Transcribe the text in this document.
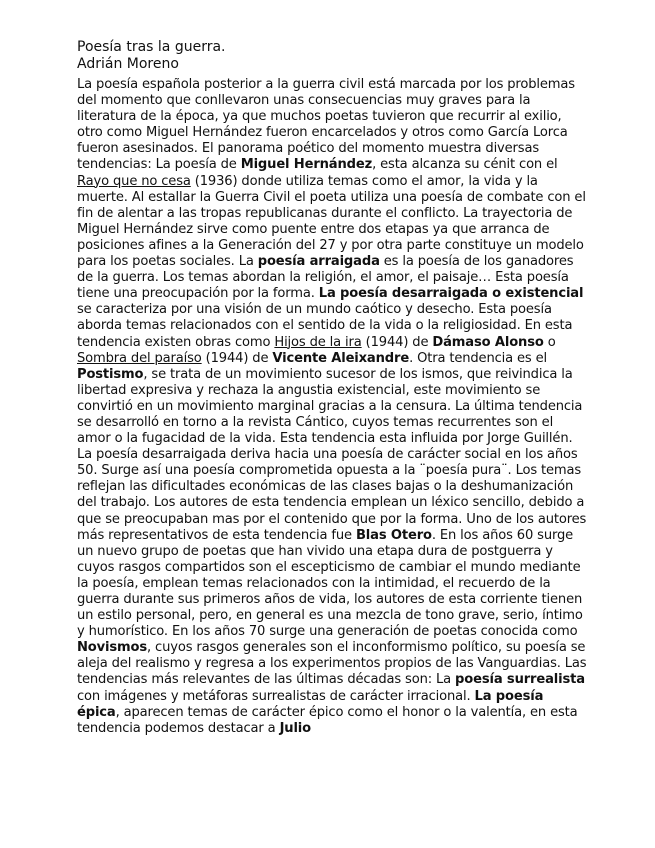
Poesía tras la guerra.
Adrián Moreno
La poesía española posterior a la guerra civil está marcada por los problemas del momento que conllevaron unas consecuencias muy graves para la literatura de la época, ya que muchos poetas tuvieron que recurrir al exilio, otro como Miguel Hernández fueron encarcelados y otros como García Lorca fueron asesinados. El panorama poético del momento muestra diversas tendencias: La poesía de Miguel Hernández, esta alcanza su cénit con el Rayo que no cesa (1936) donde utiliza temas como el amor, la vida y la muerte. Al estallar la Guerra Civil el poeta utiliza una poesía de combate con el fin de alentar a las tropas republicanas durante el conflicto. La trayectoria de Miguel Hernández sirve como puente entre dos etapas ya que arranca de posiciones afines a la Generación del 27 y por otra parte constituye un modelo para los poetas sociales. La poesía arraigada es la poesía de los ganadores de la guerra. Los temas abordan la religión, el amor, el paisaje… Esta poesía tiene una preocupación por la forma. La poesía desarraigada o existencial se caracteriza por una visión de un mundo caótico y desecho. Esta poesía aborda temas relacionados con el sentido de la vida o la religiosidad. En esta tendencia existen obras como Hijos de la ira (1944) de Dámaso Alonso o Sombra del paraíso (1944) de Vicente Aleixandre. Otra tendencia es el Postismo, se trata de un movimiento sucesor de los ismos, que reivindica la libertad expresiva y rechaza la angustia existencial, este movimiento se convirtió en un movimiento marginal gracias a la censura. La última tendencia se desarrolló en torno a la revista Cántico, cuyos temas recurrentes son el amor o la fugacidad de la vida. Esta tendencia esta influida por Jorge Guillén. La poesía desarraigada deriva hacia una poesía de carácter social en los años 50. Surge así una poesía comprometida opuesta a la ¨poesía pura¨. Los temas reflejan las dificultades económicas de las clases bajas o la deshumanización del trabajo. Los autores de esta tendencia emplean un léxico sencillo, debido a que se preocupaban mas por el contenido que por la forma. Uno de los autores más representativos de esta tendencia fue Blas Otero. En los años 60 surge un nuevo grupo de poetas que han vivido una etapa dura de postguerra y cuyos rasgos compartidos son el escepticismo de cambiar el mundo mediante la poesía, emplean temas relacionados con la intimidad, el recuerdo de la guerra durante sus primeros años de vida, los autores de esta corriente tienen un estilo personal, pero, en general es una mezcla de tono grave, serio, íntimo y humorístico. En los años 70 surge una generación de poetas conocida como Novismos, cuyos rasgos generales son el inconformismo político, su poesía se aleja del realismo y regresa a los experimentos propios de las Vanguardias. Las tendencias más relevantes de las últimas décadas son: La poesía surrealista con imágenes y metáforas surrealistas de carácter irracional. La poesía épica, aparecen temas de carácter épico como el honor o la valentía, en esta tendencia podemos destacar a Julio
